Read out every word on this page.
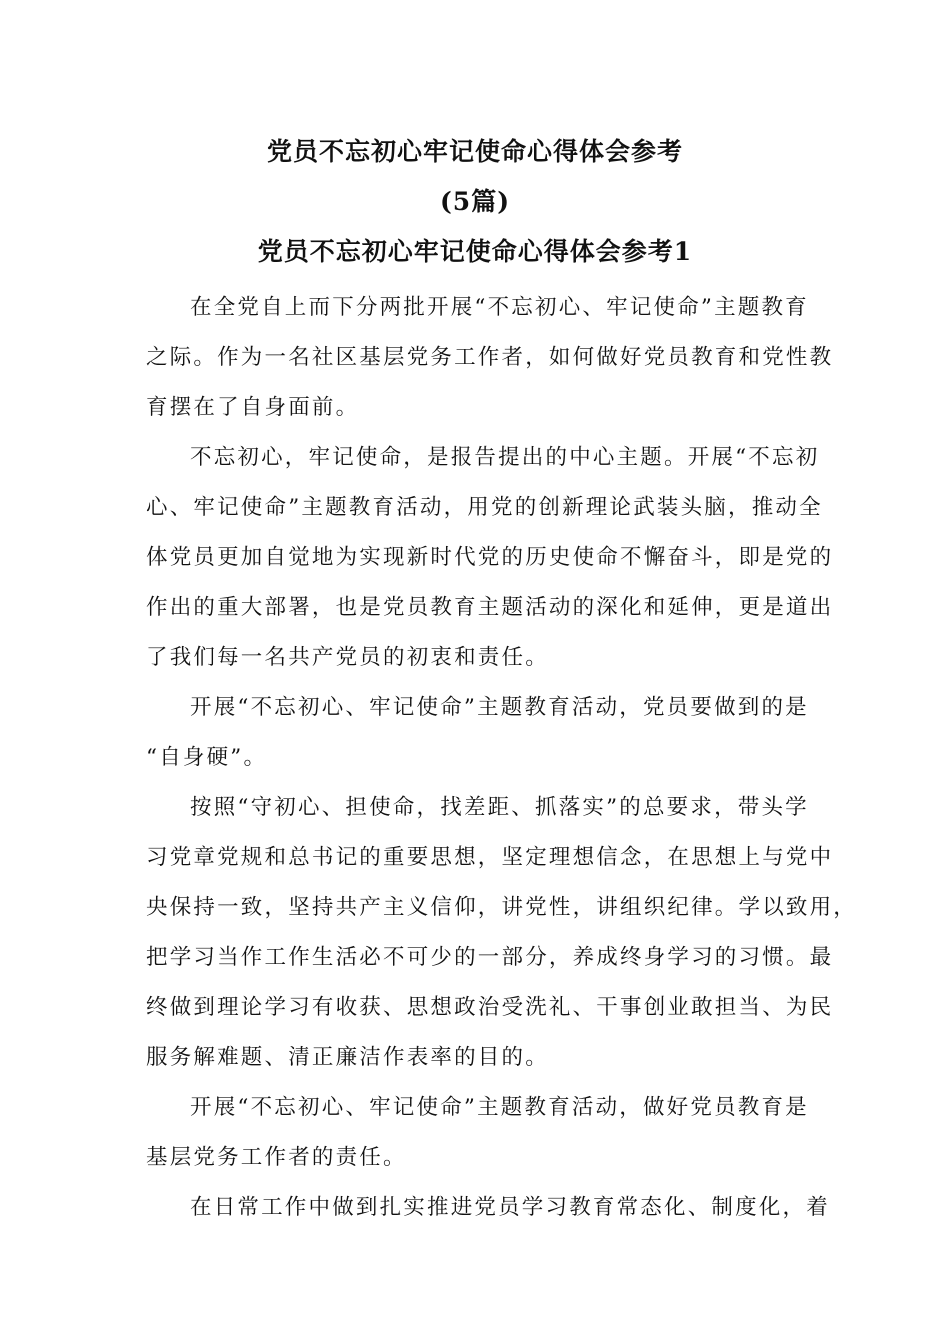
党员不忘初心牢记使命心得体会参考
(5篇)
党员不忘初心牢记使命心得体会参考1
在全党自上而下分两批开展“不忘初心、牢记使命”主题教育
之际。作为一名社区基层党务工作者，如何做好党员教育和党性教
育摆在了自身面前。
不忘初心，牢记使命，是报告提出的中心主题。开展“不忘初
心、牢记使命”主题教育活动，用党的创新理论武装头脑，推动全
体党员更加自觉地为实现新时代党的历史使命不懈奋斗，即是党的
作出的重大部署，也是党员教育主题活动的深化和延伸，更是道出
了我们每一名共产党员的初衷和责任。
开展“不忘初心、牢记使命”主题教育活动，党员要做到的是
“自身硬”。
按照“守初心、担使命，找差距、抓落实”的总要求，带头学
习党章党规和总书记的重要思想，坚定理想信念，在思想上与党中
央保持一致，坚持共产主义信仰，讲党性，讲组织纪律。学以致用，
把学习当作工作生活必不可少的一部分，养成终身学习的习惯。最
终做到理论学习有收获、思想政治受洗礼、干事创业敢担当、为民
服务解难题、清正廉洁作表率的目的。
开展“不忘初心、牢记使命”主题教育活动，做好党员教育是
基层党务工作者的责任。
在日常工作中做到扎实推进党员学习教育常态化、制度化，着
